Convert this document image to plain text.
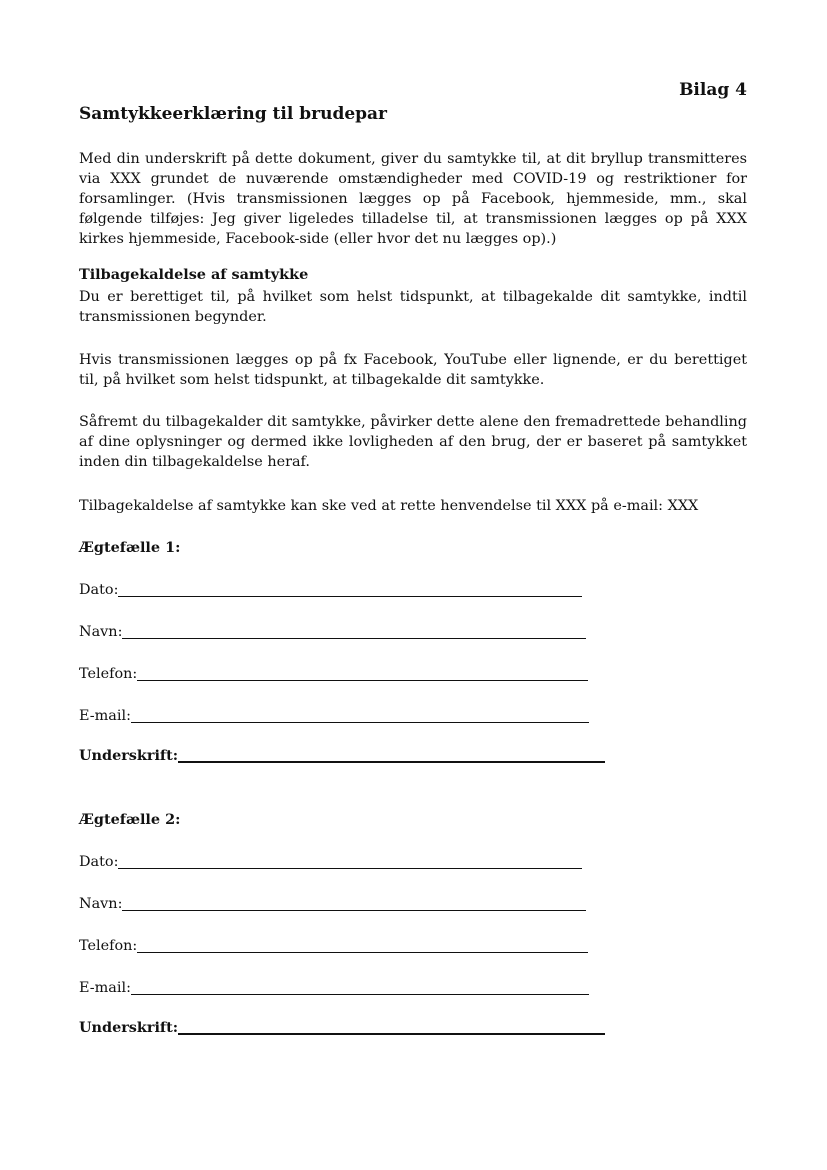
Bilag 4
Samtykkeerklæring til brudepar
Med din underskrift på dette dokument, giver du samtykke til, at dit bryllup transmitteres via XXX grundet de nuværende omstændigheder med COVID-19 og restriktioner for forsamlinger. (Hvis transmissionen lægges op på Facebook, hjemmeside, mm., skal følgende tilføjes: Jeg giver ligeledes tilladelse til, at transmissionen lægges op på XXX kirkes hjemmeside, Facebook-side (eller hvor det nu lægges op).)
Tilbagekaldelse af samtykke
Du er berettiget til, på hvilket som helst tidspunkt, at tilbagekalde dit samtykke, indtil transmissionen begynder.
Hvis transmissionen lægges op på fx Facebook, YouTube eller lignende, er du berettiget til, på hvilket som helst tidspunkt, at tilbagekalde dit samtykke.
Såfremt du tilbagekalder dit samtykke, påvirker dette alene den fremadrettede behandling af dine oplysninger og dermed ikke lovligheden af den brug, der er baseret på samtykket inden din tilbagekaldelse heraf.
Tilbagekaldelse af samtykke kan ske ved at rette henvendelse til XXX på e-mail: XXX
Ægtefælle 1:
Dato:
Navn:
Telefon:
E-mail:
Underskrift:
Ægtefælle 2:
Dato:
Navn:
Telefon:
E-mail:
Underskrift:
